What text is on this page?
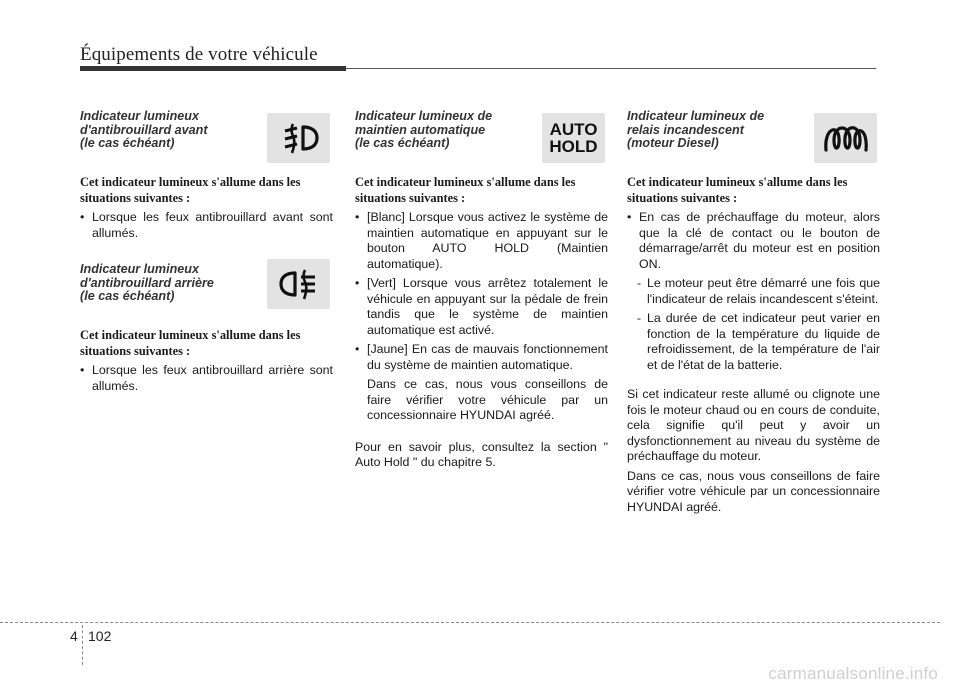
Équipements de votre véhicule
Indicateur lumineux
d'antibrouillard avant
(le cas échéant)
Cet indicateur lumineux s'allume dans les situations suivantes :
• Lorsque les feux antibrouillard avant sont allumés.
Indicateur lumineux
d'antibrouillard arrière
(le cas échéant)
Cet indicateur lumineux s'allume dans les situations suivantes :
• Lorsque les feux antibrouillard arrière sont allumés.
Indicateur lumineux de
maintien automatique
(le cas échéant)
AUTO
HOLD
Cet indicateur lumineux s'allume dans les situations suivantes :
• [Blanc] Lorsque vous activez le système de maintien automatique en appuyant sur le bouton AUTO HOLD (Maintien automatique).
• [Vert] Lorsque vous arrêtez totalement le véhicule en appuyant sur la pédale de frein tandis que le système de maintien automatique est activé.
• [Jaune] En cas de mauvais fonctionnement du système de maintien automatique.
Dans ce cas, nous vous conseillons de faire vérifier votre véhicule par un concessionnaire HYUNDAI agréé.
Pour en savoir plus, consultez la section " Auto Hold " du chapitre 5.
Indicateur lumineux de
relais incandescent
(moteur Diesel)
Cet indicateur lumineux s'allume dans les situations suivantes :
• En cas de préchauffage du moteur, alors que la clé de contact ou le bouton de démarrage/arrêt du moteur est en position ON.
- Le moteur peut être démarré une fois que l'indicateur de relais incandescent s'éteint.
- La durée de cet indicateur peut varier en fonction de la température du liquide de refroidissement, de la température de l'air et de l'état de la batterie.
Si cet indicateur reste allumé ou clignote une fois le moteur chaud ou en cours de conduite, cela signifie qu'il peut y avoir un dysfonctionnement au niveau du système de préchauffage du moteur.
Dans ce cas, nous vous conseillons de faire vérifier votre véhicule par un concessionnaire HYUNDAI agréé.
4 102
carmanualsonline.info
